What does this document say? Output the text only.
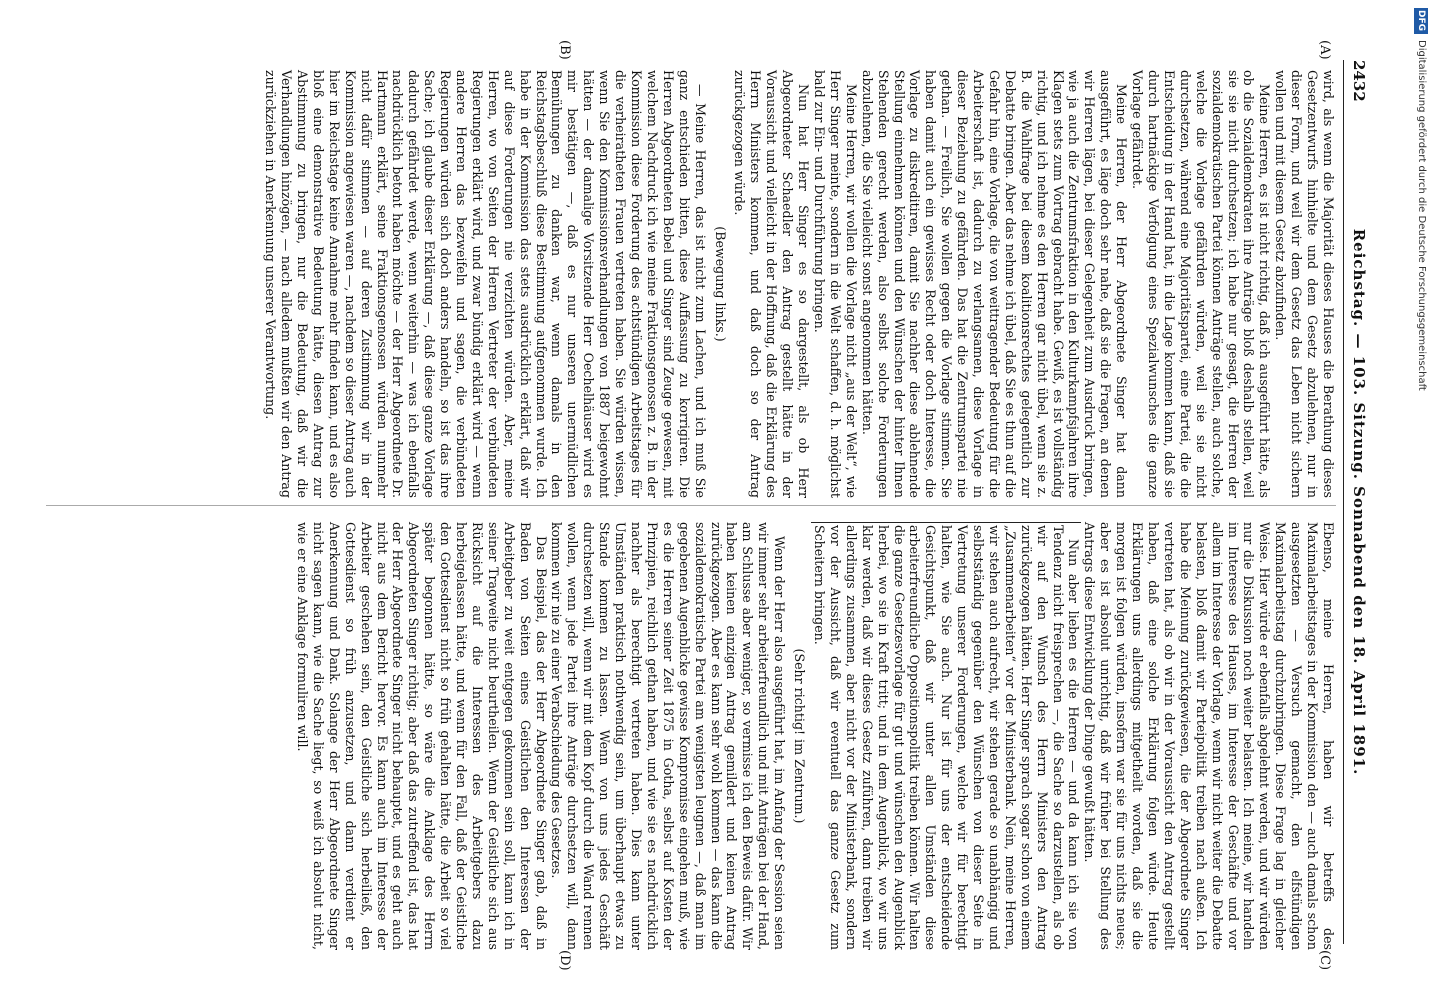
2432
Reichstag. — 103. Sitzung. Sonnabend den 18. April 1891.
(A)
(B)
(C)
(D)

wird, als wenn die Majorität dieses Hauses die Berathung dieses Gesetzentwurfs hinhielte und dem Gesetz abzulehnen, nur in dieser Form, und weil wir dem Gesetz das Leben nicht sichern wollen und mit diesem Gesetz abzufinden.

Meine Herren, es ist nicht richtig, daß ich ausgeführt hätte, als ob die Sozialdemokraten ihre Anträge bloß deshalb stellen, weil sie sie nicht durchsetzen; ich habe nur gesagt, die Herren der sozialdemokratischen Partei können Anträge stellen, auch solche, welche die Vorlage gefährden würden, weil sie sie nicht durchsetzen, während eine Majoritätspartei, eine Partei, die die Entscheidung in der Hand hat, in die Lage kommen kann, daß sie durch hartnäckige Verfolgung eines Spezialwunsches die ganze Vorlage gefährdet.

Meine Herren, der Herr Abgeordnete Singer hat dann ausgeführt, es läge doch sehr nahe, daß sie die Fragen, an denen wir Herren lägen, bei dieser Gelegenheit zum Ausdruck bringen, wie ja auch die Zentrumsfraktion in den Kulturkampfsjahren ihre Klagen stets zum Vortrag gebracht habe. Gewiß, es ist vollständig richtig, und ich nehme es den Herren gar nicht übel, wenn sie z. B. die Wahlfrage bei diesem koalitionsrechtes gelegentlich zur Debatte bringen. Aber das nehme ich übel, daß Sie es thun auf die Gefahr hin, eine Vorlage, die von weittragender Bedeutung für die Arbeiterschaft ist, dadurch zu verlangsamen, diese Vorlage in dieser Beziehung zu gefährden. Das hat die Zentrumspartei nie gethan. — Freilich, Sie wollen gegen die Vorlage stimmen. Sie haben damit auch ein gewisses Recht oder doch Interesse, die Vorlage zu diskreditiren, damit Sie nachher diese ablehnende Stellung einnehmen können und den Wünschen der hinter Ihnen Stehenden gerecht werden, also selbst solche Forderungen abzulehnen, die Sie vielleicht sonst angenommen hätten.

Meine Herren, wir wollen die Vorlage nicht „aus der Welt“, wie Herr Singer meinte, sondern in die Welt schaffen, d. h. möglichst bald zur Ein- und Durchführung bringen.

Nun hat Herr Singer es so dargestellt, als ob Herr Abgeordneter Schaedler den Antrag gestellt hätte in der Voraussicht und vielleicht in der Hoffnung, daß die Erklärung des Herrn Ministers kommen, und daß doch so der Antrag zurückgezogen würde.

(Bewegung links.)

— Meine Herren, das ist nicht zum Lachen, und ich muß Sie ganz entschieden bitten, diese Auffassung zu korrigiren. Die Herren Abgeordneten Bebel und Singer sind Zeuge gewesen, mit welchem Nachdruck ich wie meine Fraktionsgenossen z. B. in der Kommission diese Forderung des achtstündigen Arbeitstages für die verheiratheten Frauen vertreten haben. Sie würden wissen, wenn Sie den Kommissionsverhandlungen von 1887 beigewohnt hätten — der damalige Vorsitzende Herr Oechelhäuser wird es mir bestätigen —, daß es nur unseren unermüdlichen Bemühungen zu danken war, wenn damals in den Reichstagsbeschluß diese Bestimmung aufgenommen wurde. Ich habe in der Kommission das stets ausdrücklich erklärt, daß wir auf diese Forderungen nie verzichten würden. Aber, meine Herren, wo von Seiten der Herren Vertreter der verbündeten Regierungen erklärt wird, und zwar bündig erklärt wird — wenn andere Herren das bezweifeln und sagen, die verbündeten Regierungen würden sich doch anders handeln, so ist das ihre Sache; ich glaube dieser Erklärung —, daß diese ganze Vorlage dadurch gefährdet werde, wenn weiterhin — was ich ebenfalls nachdrücklich betont haben möchte — der Herr Abgeordnete Dr. Hartmann erklärt, seine Fraktionsgenossen würden nunmehr nicht dafür stimmen — auf deren Zustimmung wir in der Kommission angewiesen waren —, nachdem so dieser Antrag auch hier im Reichstage keine Annahme mehr finden kann, und es also bloß eine demonstrative Bedeutung hätte, diesen Antrag zur Abstimmung zu bringen, nur die Bedeutung, daß wir die Verhandlungen hinzögen, — nach alledem mußten wir den Antrag zurückziehen in Anerkennung unserer Verantwortung.

Ebenso, meine Herren, haben wir betreffs des Maximalarbeitstages in der Kommission den — auch damals schon ausgesetzten — Versuch gemacht, den elfstündigen Maximalarbeitstag durchzubringen. Diese Frage lag in gleicher Weise. Hier würde er ebenfalls abgelehnt werden, und wir würden nur die Diskussion noch weiter belasten. Ich meine, wir handeln im Interesse des Hauses, im Interesse der Geschäfte und vor allem im Interesse der Vorlage, wenn wir nicht weiter die Debatte belasten, bloß damit wir Parteipolitik treiben nach außen. Ich habe die Meinung zurückgewiesen, die der Abgeordnete Singer vertreten hat, als ob wir in der Voraussicht den Antrag gestellt haben, daß eine solche Erklärung folgen würde. Heute Erklärungen uns allerdings mitgetheilt worden, daß sie die morgen ist folgen würden, insofern war sie für uns nichts neues; aber es ist absolut unrichtig, daß wir früher bei Stellung des Antrags diese Entwicklung der Dinge gewußt hätten.

Nun aber lieben es die Herren — und da kann ich sie von Tendenz nicht freisprechen —, die Sache so darzustellen, als ob wir auf den Wunsch des Herrn Ministers den Antrag zurückgezogen hätten. Herr Singer sprach sogar schon von einem „Zusammenarbeiten“ vor der Ministerbank. Nein, meine Herren, wir stehen auch aufrecht, wir stehen gerade so unabhängig und selbstständig gegenüber den Wünschen von dieser Seite in Vertretung unserer Forderungen, welche wir für berechtigt halten, wie Sie auch. Nur ist für uns der entscheidende Gesichtspunkt, daß wir unter allen Umständen diese arbeiterfreundliche Oppositionspolitik treiben können. Wir halten die ganze Gesetzesvorlage für gut und wünschen den Augenblick herbei, wo sie in Kraft tritt; und in dem Augenblick, wo wir uns klar werden, daß wir dieses Gesetz zuführen, dann treiben wir allerdings zusammen, aber nicht vor der Ministerbank, sondern vor der Aussicht, daß wir eventuell das ganze Gesetz zum Scheitern bringen.

(Sehr richtig! im Zentrum.)

Wenn der Herr also ausgeführt hat, im Anfang der Session seien wir immer sehr arbeiterfreundlich und mit Anträgen bei der Hand, am Schlusse aber weniger, so vermisse ich den Beweis dafür. Wir haben keinen einzigen Antrag gemildert und keinen Antrag zurückgezogen. Aber es kann sehr wohl kommen — das kann die sozialdemokratische Partei am wenigsten leugnen —, daß man im gegebenen Augenblicke gewisse Kompromisse eingehen muß, wie es die Herren seiner Zeit 1875 in Gotha, selbst auf Kosten der Prinzipien, reichlich gethan haben, und wie sie es nachdrücklich nachher als berechtigt vertreten haben. Dies kann unter Umständen praktisch nothwendig sein, um überhaupt etwas zu Stande kommen zu lassen. Wenn von uns jedes Geschäft durchsetzen will, wenn wir mit dem Kopf durch die Wand rennen wollen, wenn jede Partei ihre Anträge durchsetzen will, dann kommen wir nie zu einer Verabschiedung des Gesetzes.

Das Beispiel, das der Herr Abgeordnete Singer gab, daß in Baden von Seiten eines Geistlichen den Interessen der Arbeitgeber zu weit entgegen gekommen sein soll, kann ich in seiner Tragweite nicht beurtheilen. Wenn der Geistliche sich aus Rücksicht auf die Interessen des Arbeitgebers dazu herbeigelassen hätte, und wenn für den Fall, daß der Geistliche den Gottesdienst nicht so früh gehalten hätte, die Arbeit so viel später begonnen hätte, so wäre die Anklage des Herrn Abgeordneten Singer richtig; aber daß das zutreffend ist, das hat der Herr Abgeordnete Singer nicht behauptet, und es geht auch nicht aus dem Bericht hervor. Es kann auch im Interesse der Arbeiter geschehen sein, den Geistliche sich herbeiließ, den Gottesdienst so früh anzusetzen, und dann verdient er Anerkennung und Dank. Solange der Herr Abgeordnete Singer nicht sagen kann, wie die Sache liegt, so weiß ich absolut nicht, wie er eine Anklage formuliren will.

DFG
Digitalisierung gefördert durch die Deutsche Forschungsgemeinschaft
